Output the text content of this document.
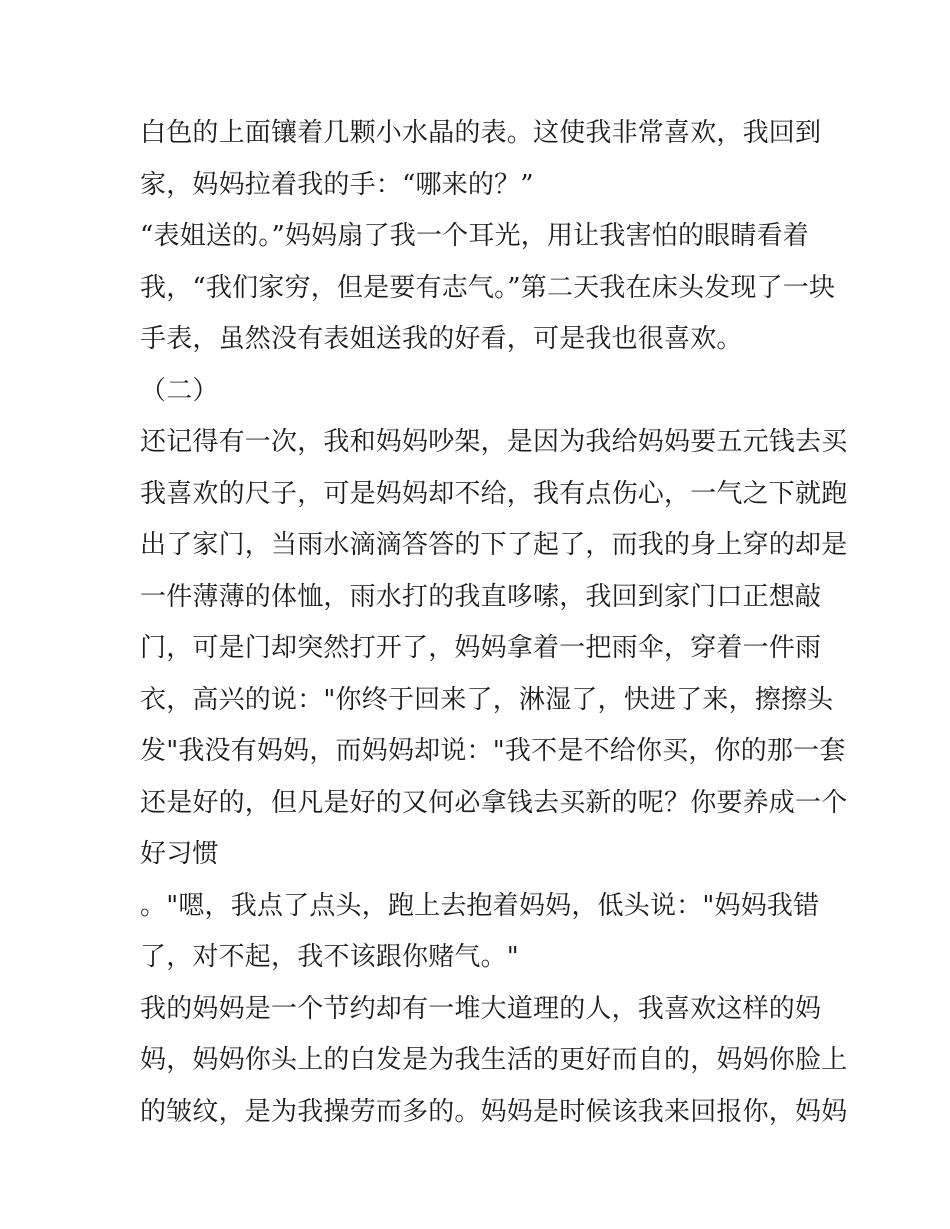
白色的上面镶着几颗小水晶的表。这使我非常喜欢，我回到
家，妈妈拉着我的手：“哪来的？”
“表姐送的。”妈妈扇了我一个耳光，用让我害怕的眼睛看着
我，“我们家穷，但是要有志气。”第二天我在床头发现了一块
手表，虽然没有表姐送我的好看，可是我也很喜欢。
（二）
还记得有一次，我和妈妈吵架，是因为我给妈妈要五元钱去买
我喜欢的尺子，可是妈妈却不给，我有点伤心，一气之下就跑
出了家门，当雨水滴滴答答的下了起了，而我的身上穿的却是
一件薄薄的体恤，雨水打的我直哆嗦，我回到家门口正想敲
门，可是门却突然打开了，妈妈拿着一把雨伞，穿着一件雨
衣，高兴的说："你终于回来了，淋湿了，快进了来，擦擦头
发"我没有妈妈，而妈妈却说："我不是不给你买，你的那一套
还是好的，但凡是好的又何必拿钱去买新的呢？你要养成一个
好习惯
。"嗯，我点了点头，跑上去抱着妈妈，低头说："妈妈我错
了，对不起，我不该跟你赌气。"
我的妈妈是一个节约却有一堆大道理的人，我喜欢这样的妈
妈，妈妈你头上的白发是为我生活的更好而自的，妈妈你脸上
的皱纹，是为我操劳而多的。妈妈是时候该我来回报你，妈妈
